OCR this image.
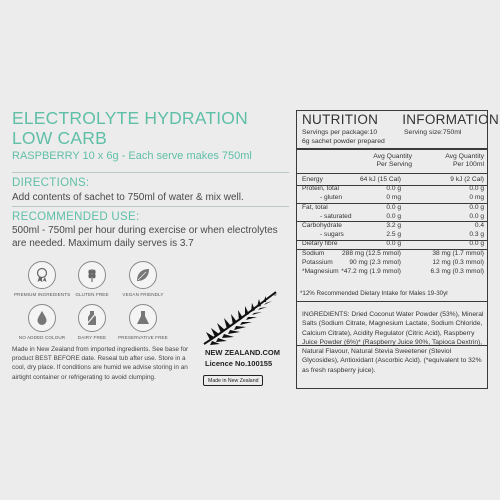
ELECTROLYTE HYDRATION
LOW CARB
RASPBERRY 10 x 6g - Each serve makes 750ml
DIRECTIONS:
Add contents of sachet to 750ml of water & mix well.
RECOMMENDED USE:
500ml - 750ml per hour during exercise or when electrolytes are needed. Maximum daily serves is 3.7
PREMIUM INGREDIENTS	GLUTEN FREE	VEGAN FRIENDLY
NO ADDED COLOUR	DAIRY FREE	PRESERVATIVE FREE
Made in New Zealand from imported ingredients. See base for product BEST BEFORE date. Reseal tub after use. Store in a cool, dry place. If conditions are humid we advise storing in an airtight container or refrigerating to avoid clumping.
®
NEW ZEALAND.COM
Licence No.100155
Made in New Zealand
NUTRITION INFORMATION
Servings per package:10	Serving size:750ml
6g sachet powder prepared
Avg Quantity
Per Serving
Avg Quantity
Per 100ml
Energy	64 kJ (15 Cal)	9 kJ (2 Cal)
Protein, total	0.0 g	0.0 g
- gluten	0 mg	0 mg
Fat, total	0.0 g	0.0 g
- saturated	0.0 g	0.0 g
Carbohydrate	3.2 g	0.4
- sugars	2.5 g	0.3 g
Dietary fibre	0.0 g	0.0 g
Sodium	288 mg (12.5 mmol)	38 mg (1.7 mmol)
Potassium	90 mg (2.3 mmol)	12 mg (0.3 mmol)
*Magnesium *47.2 mg (1.9 mmol)	6.3 mg (0.3 mmol)
*12% Recommended Dietary Intake for Males 19-30yr
INGREDIENTS: Dried Coconut Water Powder (53%), Mineral Salts (Sodium Citrate, Magnesium Lactate, Sodium Chloride, Calcium Citrate), Acidity Regulator (Citric Acid), Raspberry Juice Powder (6%)* (Raspberry Juice 90%, Tapioca Dextrin), Natural Flavour, Natural Stevia Sweetener (Steviol Glycosides), Antioxidant (Ascorbic Acid). (*equivalent to 32% as fresh raspberry juice).
